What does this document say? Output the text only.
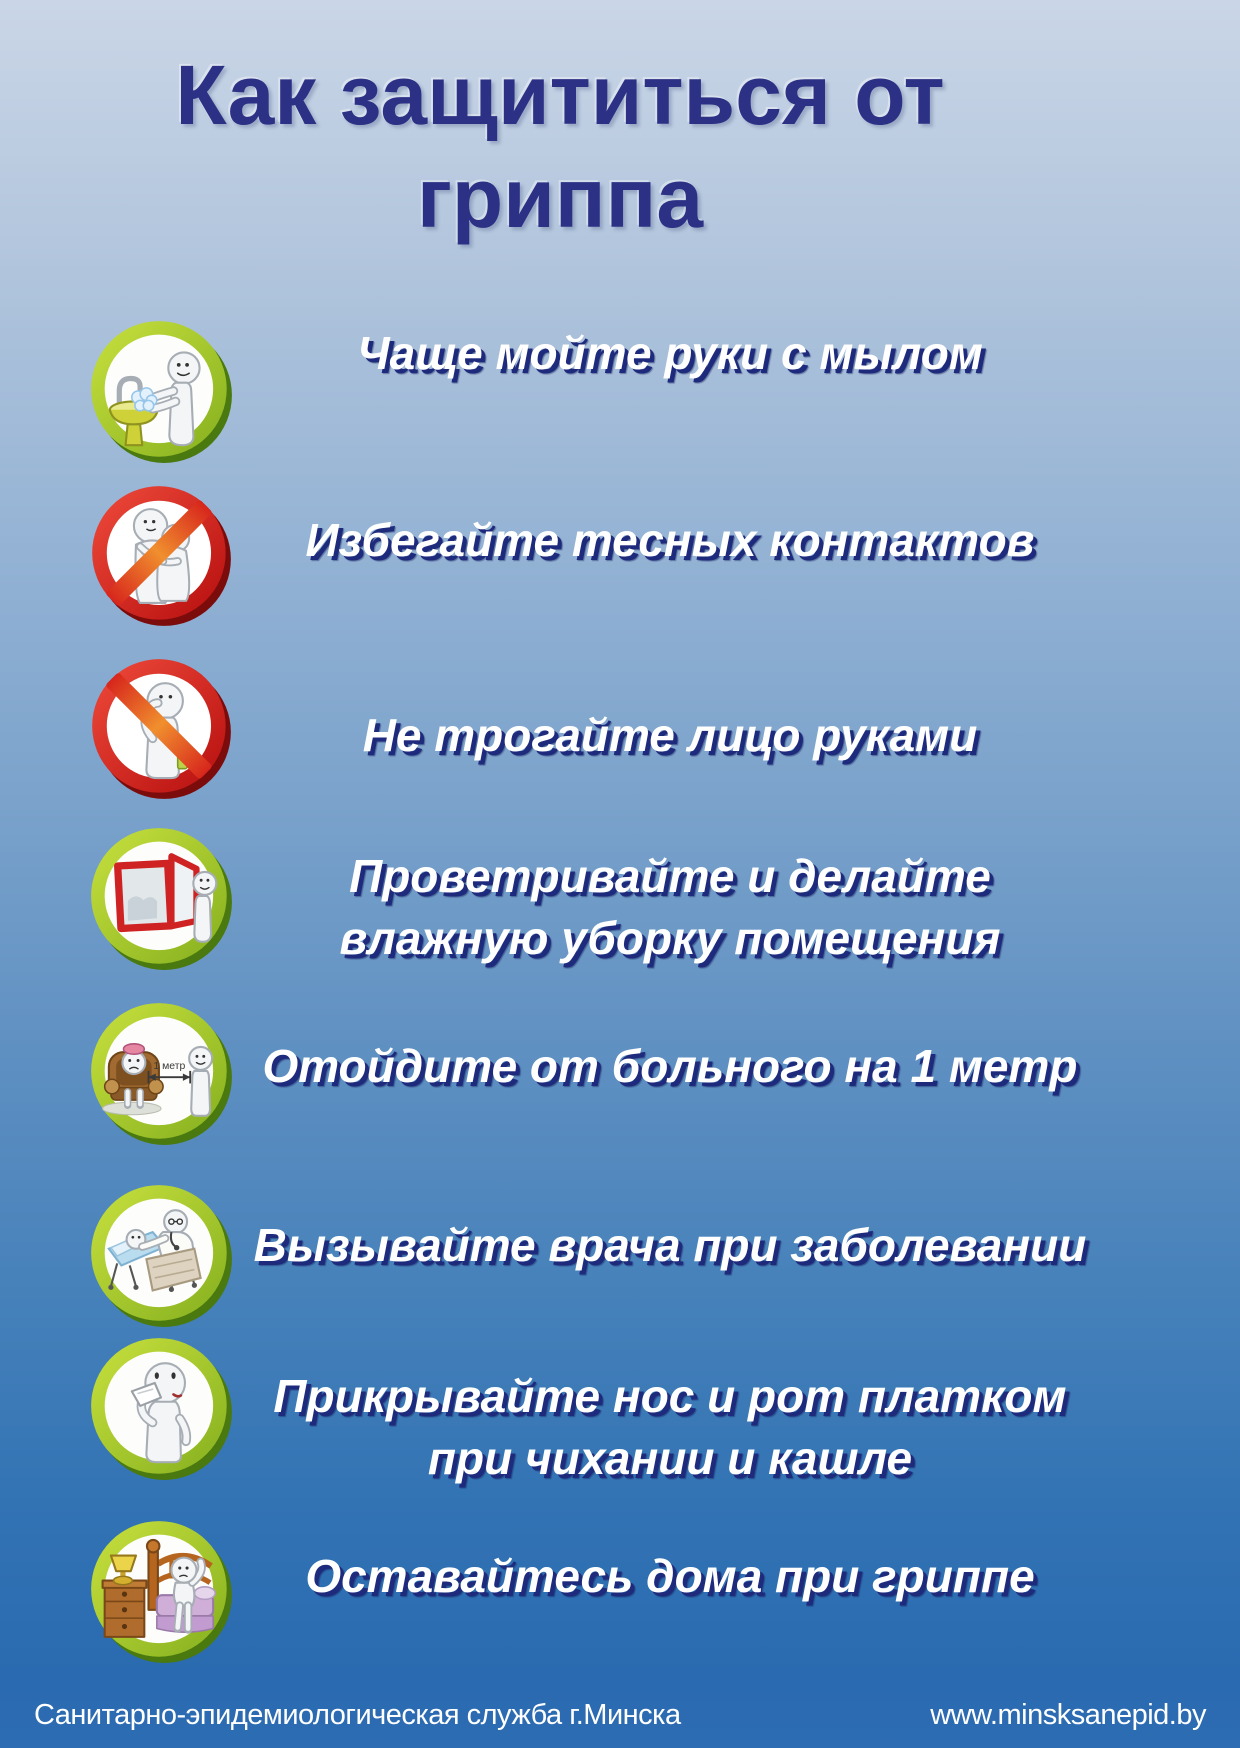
Как защититься от
гриппа
Чаще мойте руки с мылом
Избегайте тесных контактов
Не трогайте лицо руками
Проветривайте и делайте
влажную уборку помещения
1 метр	Отойдите от больного на 1 метр
Вызывайте врача при заболевании
Прикрывайте нос и рот платком
при чихании и кашле
Оставайтесь дома при гриппе
Санитарно-эпидемиологическая служба г.Минска	www.minsksanepid.by
